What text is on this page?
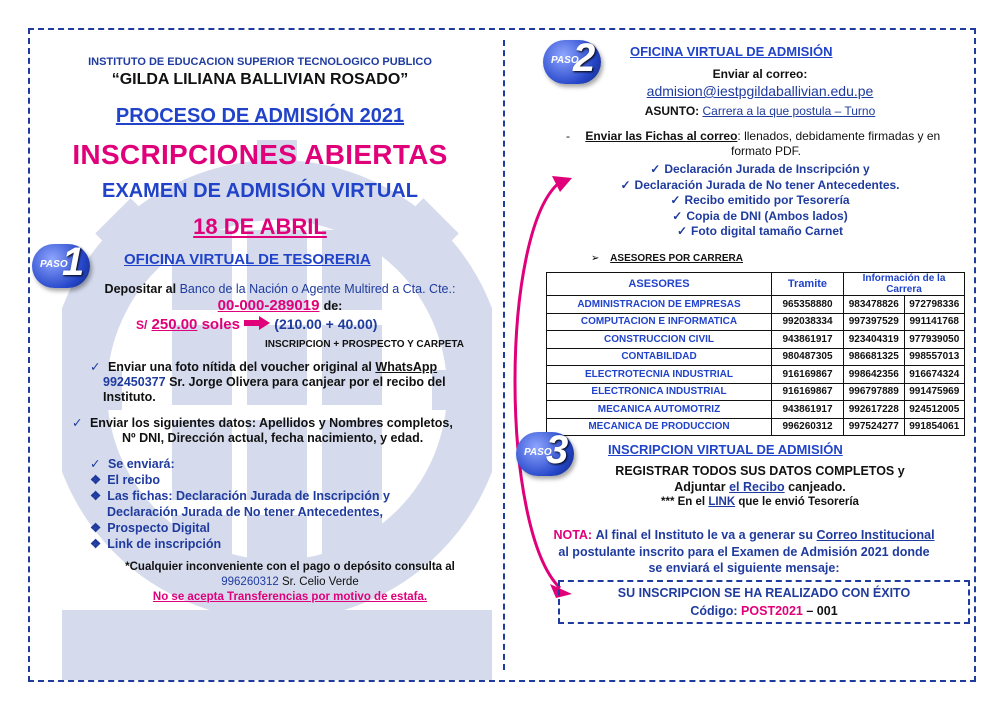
INSTITUTO DE EDUCACION SUPERIOR TECNOLOGICO PUBLICO
“GILDA LILIANA BALLIVIAN ROSADO”
PROCESO DE ADMISIÓN 2021
INSCRIPCIONES ABIERTAS
EXAMEN DE ADMISIÓN VIRTUAL
18 DE ABRIL
PASO
1	OFICINA VIRTUAL DE TESORERIA
Depositar al Banco de la Nación o Agente Multired a Cta. Cte.:
00-000-289019 de:
S/ 250.00 soles (210.00 + 40.00)
INSCRIPCION + PROSPECTO Y CARPETA
✓ Enviar una foto nítida del voucher original al WhatsApp
992450377 Sr. Jorge Olivera para canjear por el recibo del
Instituto.
✓ Enviar los siguientes datos: Apellidos y Nombres completos,
Nº DNI, Dirección actual, fecha nacimiento, y edad.
✓ Se enviará:
❖ El recibo
❖ Las fichas: Declaración Jurada de Inscripción y
Declaración Jurada de No tener Antecedentes,
❖ Prospecto Digital
❖ Link de inscripción
*Cualquier inconveniente con el pago o depósito consulta al
996260312 Sr. Celio Verde
No se acepta Transferencias por motivo de estafa.
PASO
2	OFICINA VIRTUAL DE ADMISIÓN
Enviar al correo:
admision@iestpgildaballivian.edu.pe
ASUNTO: Carrera a la que postula – Turno
- Enviar las Fichas al correo: llenados, debidamente firmadas y en

formato PDF.
✓ Declaración Jurada de Inscripción y
✓ Declaración Jurada de No tener Antecedentes.
✓ Recibo emitido por Tesorería
✓ Copia de DNI (Ambos lados)
✓ Foto digital tamaño Carnet
➢ ASESORES POR CARRERA
ASESORES	Tramite	Información de la Carrera	
ADMINISTRACION DE EMPRESAS	965358880	983478826	972798336
COMPUTACION E INFORMATICA	992038334	997397529	991141768
CONSTRUCCION CIVIL	943861917	923404319	977939050
CONTABILIDAD	980487305	986681325	998557013
ELECTROTECNIA INDUSTRIAL	916169867	998642356	916674324
ELECTRONICA INDUSTRIAL	916169867	996797889	991475969
MECANICA AUTOMOTRIZ	943861917	992617228	924512005
MECANICA DE PRODUCCION	996260312	997524277	991854061
PASO
3	INSCRIPCION VIRTUAL DE ADMISIÓN
REGISTRAR TODOS SUS DATOS COMPLETOS y
Adjuntar el Recibo canjeado.
*** En el LINK que le envió Tesorería
NOTA: Al final el Instituto le va a generar su Correo Institucional
al postulante inscrito para el Examen de Admisión 2021 donde
se enviará el siguiente mensaje:
SU INSCRIPCION SE HA REALIZADO CON ÉXITO
Código: POST2021 – 001
